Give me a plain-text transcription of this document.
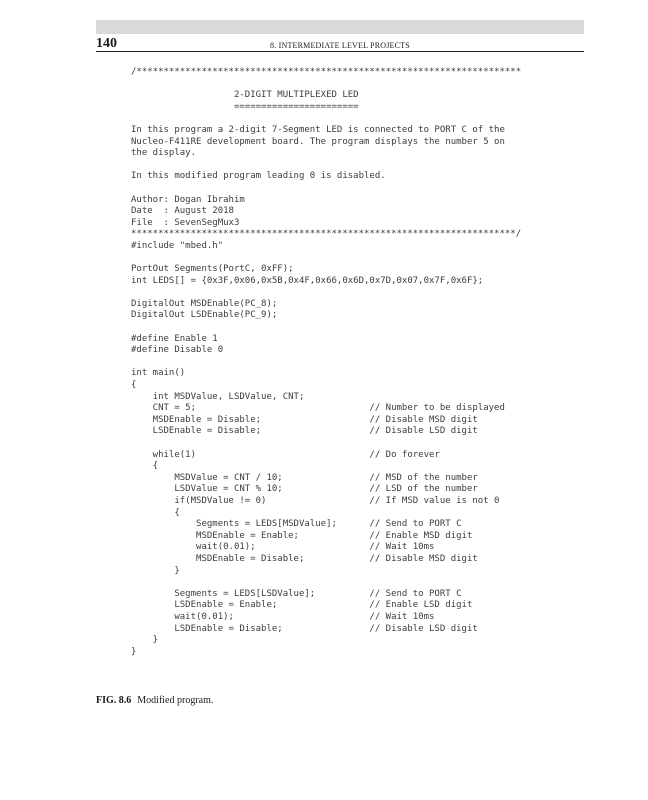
140	8. INTERMEDIATE LEVEL PROJECTS
/***********************************************************************
2-DIGIT MULTIPLEXED LED
=======================
In this program a 2-digit 7-Segment LED is connected to PORT C of the
Nucleo-F411RE development board. The program displays the number 5 on
the display.
In this modified program leading 0 is disabled.
Author: Dogan Ibrahim
Date  : August 2018
File  : SevenSegMux3
***********************************************************************/
#include "mbed.h"
PortOut Segments(PortC, 0xFF);
int LEDS[] = {0x3F,0x06,0x5B,0x4F,0x66,0x6D,0x7D,0x07,0x7F,0x6F};
DigitalOut MSDEnable(PC_8);
DigitalOut LSDEnable(PC_9);
#define Enable 1
#define Disable 0
int main()
{
int MSDValue, LSDValue, CNT;
CNT = 5;                                // Number to be displayed
MSDEnable = Disable;                    // Disable MSD digit
LSDEnable = Disable;                    // Disable LSD digit
while(1)                                // Do forever
{
MSDValue = CNT / 10;                // MSD of the number
LSDValue = CNT % 10;                // LSD of the number
if(MSDValue != 0)                   // If MSD value is not 0
{
Segments = LEDS[MSDValue];      // Send to PORT C
MSDEnable = Enable;             // Enable MSD digit
wait(0.01);                     // Wait 10ms
MSDEnable = Disable;            // Disable MSD digit
}
Segments = LEDS[LSDValue];          // Send to PORT C
LSDEnable = Enable;                 // Enable LSD digit
wait(0.01);                         // Wait 10ms
LSDEnable = Disable;                // Disable LSD digit
}
}
FIG. 8.6 Modified program.
